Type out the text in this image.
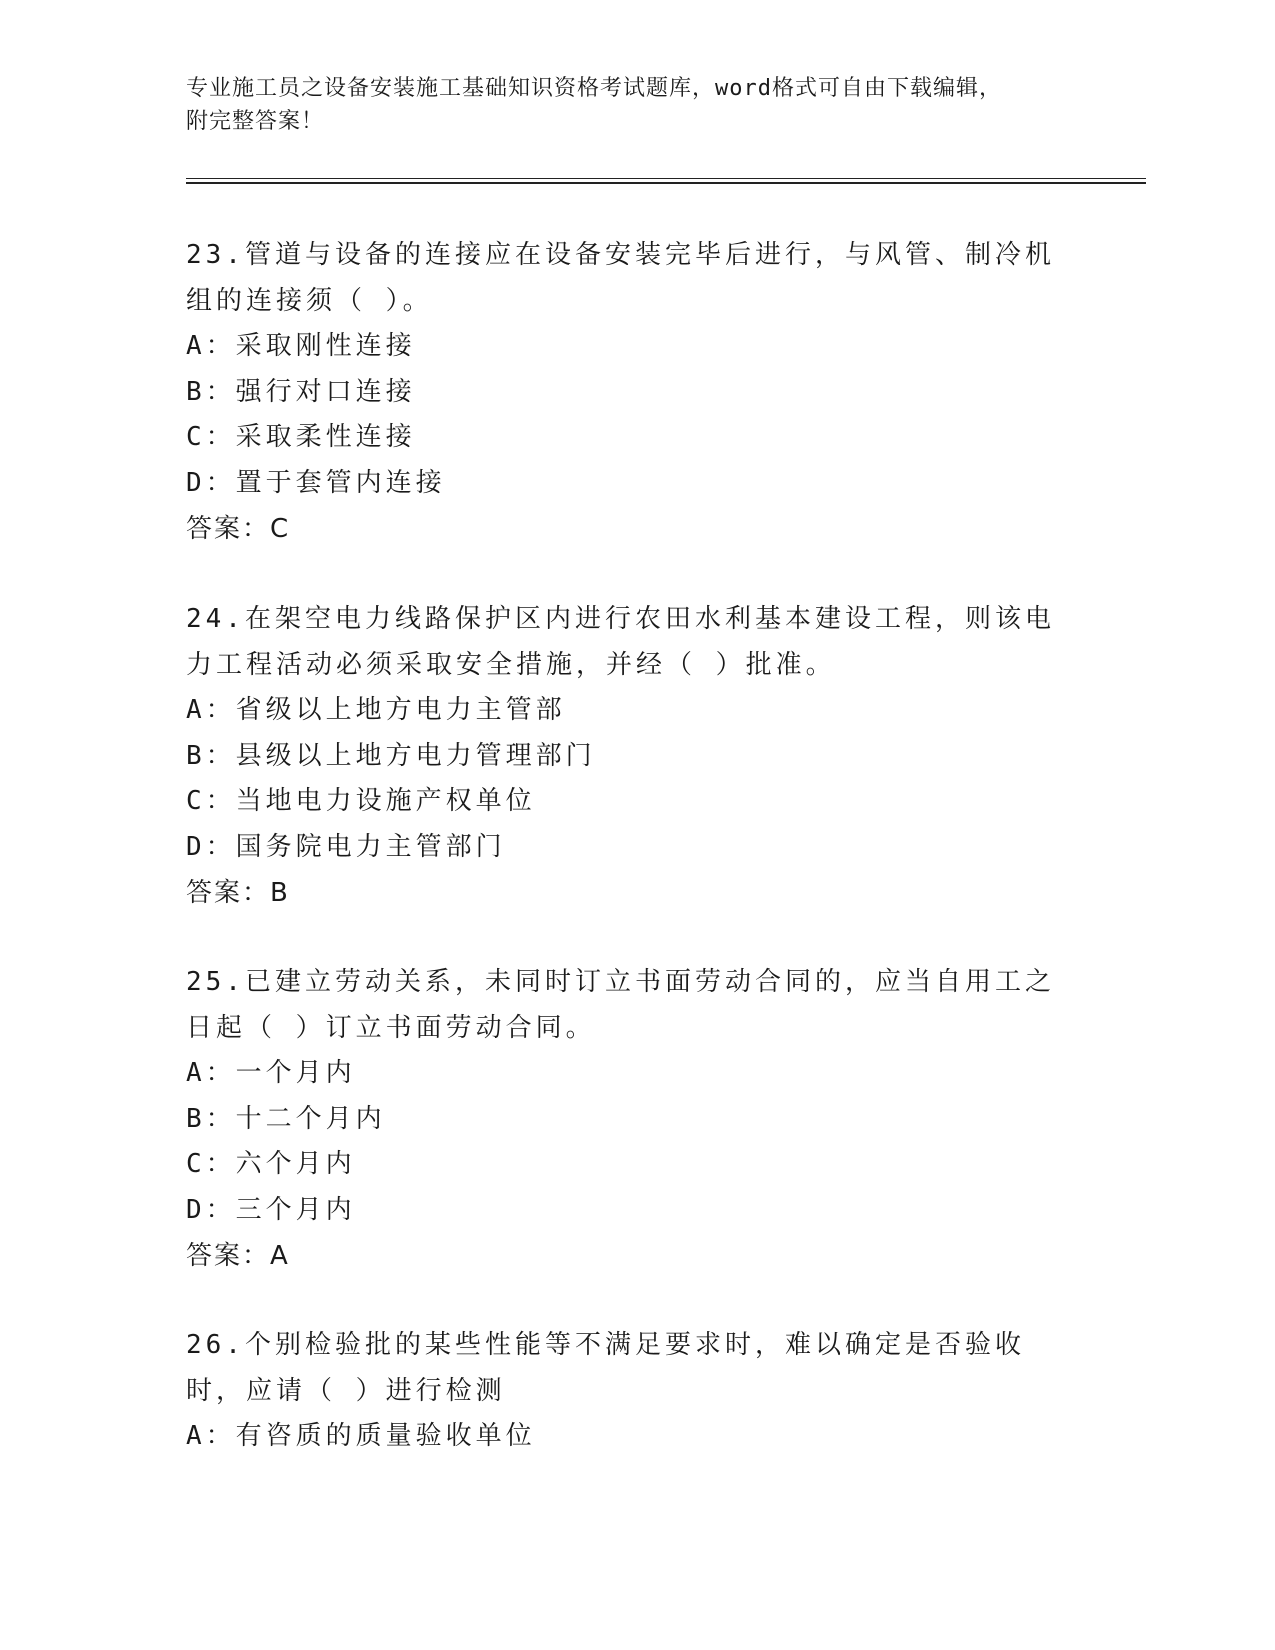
专业施工员之设备安装施工基础知识资格考试题库，word格式可自由下载编辑，
附完整答案！

23.管道与设备的连接应在设备安装完毕后进行，与风管、制冷机组的连接须（ ）。

A：采取刚性连接

B：强行对口连接

C：采取柔性连接

D：置于套管内连接

答案：C

24.在架空电力线路保护区内进行农田水利基本建设工程，则该电力工程活动必须采取安全措施，并经（ ）批准。

A：省级以上地方电力主管部

B：县级以上地方电力管理部门

C：当地电力设施产权单位

D：国务院电力主管部门

答案：B

25.已建立劳动关系，未同时订立书面劳动合同的，应当自用工之日起（ ）订立书面劳动合同。

A：一个月内

B：十二个月内

C：六个月内

D：三个月内

答案：A

26.个别检验批的某些性能等不满足要求时，难以确定是否验收时，应请（ ）进行检测

A：有咨质的质量验收单位
